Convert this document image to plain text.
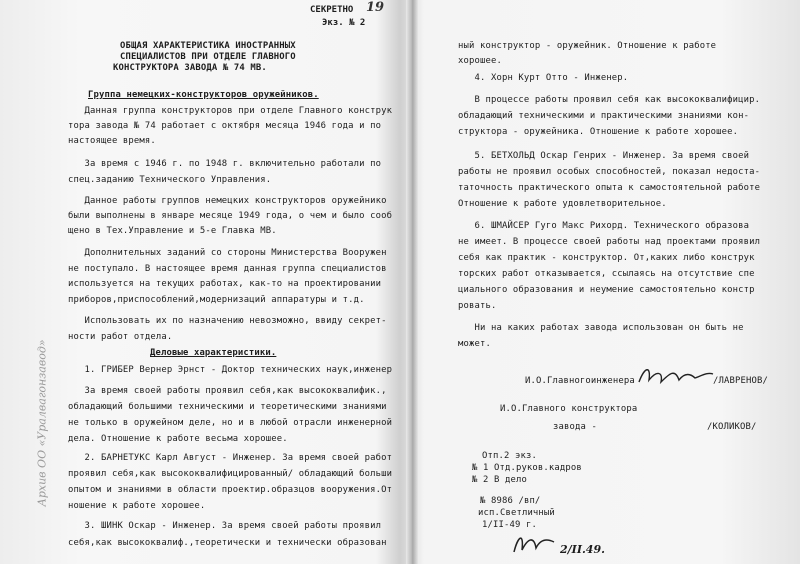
СЕКРЕТНО
Экз. № 2
19
Архив ОО «Уралвагонзавод»
ОБЩАЯ ХАРАКТЕРИСТИКА ИНОСТРАННЫХ
СПЕЦИАЛИСТОВ ПРИ ОТДЕЛЕ ГЛАВНОГО
КОНСТРУКТОРА ЗАВОДА № 74 МВ.
Группа немецких-конструкторов оружейников.
Данная группа конструкторов при отделе Главного конструк
тора завода № 74 работает с октября месяца 1946 года и по
настоящее время.
За время с 1946 г. по 1948 г. включительно работали по
спец.заданию Технического Управления.
Данное работы группов немецких конструкторов оружейнико
были выполнены в январе месяце 1949 года, о чем и было сооб
щено в Тех.Управление и 5-е Главка МВ.
Дополнительных заданий со стороны Министерства Вооружен
не поступало. В настоящее время данная группа специалистов
используется на текущих работах, как-то на проектировании
приборов,приспособлений,модернизаций аппаратуры и т.д.
Использовать их по назначению невозможно, ввиду секрет-
ности работ отдела.
Деловые характеристики.
1. ГРИБЕР Вернер Эрнст - Доктор технических наук,инженер
За время своей работы проявил себя,как высококвалифик.,
обладающий большими техническими и теоретическими знаниями
не только в оружейном деле, но и в любой отрасли инженерной
дела. Отношение к работе весьма хорошее.
2. БАРНЕТУКС Карл Август - Инженер. За время своей работ
проявил себя,как высококвалифицированный/ обладающий больши
опытом и знаниями в области проектир.образцов вооружения.От
ношение к работе хорошее.
3. ШИНК Оскар - Инженер. За время своей работы проявил
себя,как высококвалиф.,теоретически и технически образован
ный конструктор - оружейник. Отношение к работе
хорошее.
4. Хорн Курт Отто - Инженер.
В процессе работы проявил себя как высококвалифицир.
обладающий техническими и практическими знаниями кон-
структора - оружейника. Отношение к работе хорошее.
5. БЕТХОЛЬД Оскар Генрих - Инженер. За время своей
работы не проявил особых способностей, показал недоста-
таточность практического опыта к самостоятельной работе
Отношение к работе удовлетворительное.
6. ШМАЙСЕР Гуго Макс Рихорд. Технического образова
не имеет. В процессе своей работы над проектами проявил
себя как практик - конструктор. От,каких либо конструк
торских работ отказывается, ссылаясь на отсутствие спе
циального образования и неумение самостоятельно констр
ровать.
Ни на каких работах завода использован он быть не
может.
И.О.Главногоинженера	/ЛАВРЕНОВ/
И.О.Главного конструктора
завода -	/КОЛИКОВ/
Отп.2 экз.
№ 1 Отд.руков.кадров
№ 2 В дело
№ 8986 /вп/
исп.Светличный
1/II-49 г.
2/II.49.
